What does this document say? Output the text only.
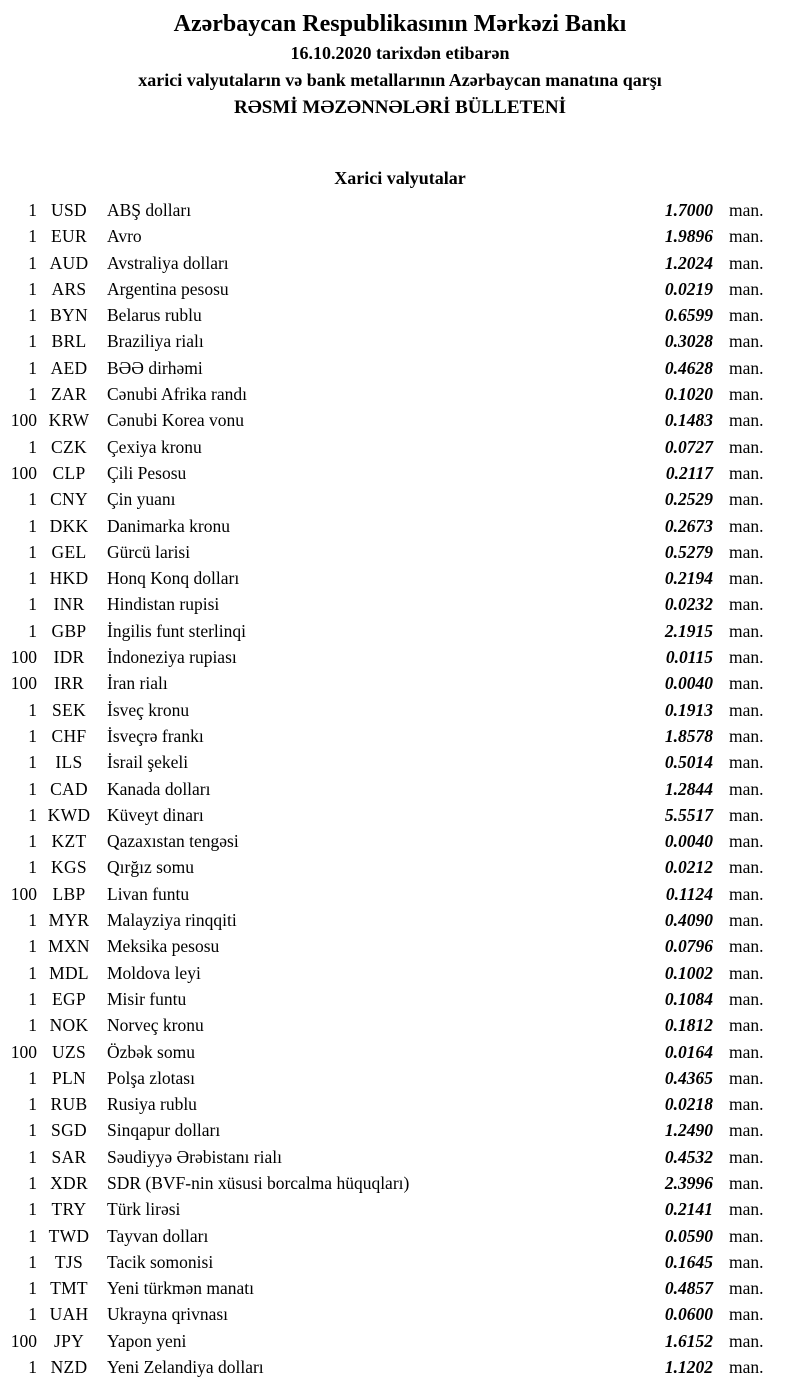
Azərbaycan Respublikasının Mərkəzi Bankı
16.10.2020 tarixdən etibarən
xarici valyutaların və bank metallarının Azərbaycan manatına qarşı
RƏSMİ MƏZƏNNƏLƏRİ BÜLLETENİ
Xarici valyutalar
1 USD	ABŞ dolları	1.7000 man.
1 EUR	Avro	1.9896 man.
1 AUD	Avstraliya dolları	1.2024 man.
1 ARS	Argentina pesosu	0.0219 man.
1 BYN	Belarus rublu	0.6599 man.
1 BRL	Braziliya rialı	0.3028 man.
1 AED	BƏƏ dirhəmi	0.4628 man.
1 ZAR	Cənubi Afrika randı	0.1020 man.
100 KRW	Cənubi Korea vonu	0.1483 man.
1 CZK	Çexiya kronu	0.0727 man.
100 CLP	Çili Pesosu	0.2117 man.
1 CNY	Çin yuanı	0.2529 man.
1 DKK	Danimarka kronu	0.2673 man.
1 GEL	Gürcü larisi	0.5279 man.
1 HKD	Honq Konq dolları	0.2194 man.
1 INR	Hindistan rupisi	0.0232 man.
1 GBP	İngilis funt sterlinqi	2.1915 man.
100 IDR	İndoneziya rupiası	0.0115 man.
100 IRR	İran rialı	0.0040 man.
1 SEK	İsveç kronu	0.1913 man.
1 CHF	İsveçrə frankı	1.8578 man.
1	ILS	İsrail şekeli	0.5014 man.
1 CAD	Kanada dolları	1.2844 man.
1 KWD Küveyt dinarı	5.5517 man.
1 KZT	Qazaxıstan tengəsi	0.0040 man.
1 KGS	Qırğız somu	0.0212 man.
100 LBP	Livan funtu	0.1124 man.
1 MYR	Malayziya rinqqiti	0.4090 man.
1 MXN Meksika pesosu	0.0796 man.
1 MDL	Moldova leyi	0.1002 man.
1 EGP	Misir funtu	0.1084 man.
1 NOK	Norveç kronu	0.1812 man.
100 UZS	Özbək somu	0.0164 man.
1 PLN	Polşa zlotası	0.4365 man.
1 RUB	Rusiya rublu	0.0218 man.
1 SGD	Sinqapur dolları	1.2490 man.
1 SAR	Səudiyyə Ərəbistanı rialı	0.4532 man.
1 XDR	SDR (BVF-nin xüsusi borcalma hüquqları)	2.3996 man.
1 TRY	Türk lirəsi	0.2141 man.
1 TWD	Tayvan dolları	0.0590 man.
1	TJS	Tacik somonisi	0.1645 man.
1 TMT	Yeni türkmən manatı	0.4857 man.
1 UAH	Ukrayna qrivnası	0.0600 man.
100 JPY	Yapon yeni	1.6152 man.
1 NZD	Yeni Zelandiya dolları	1.1202 man.
